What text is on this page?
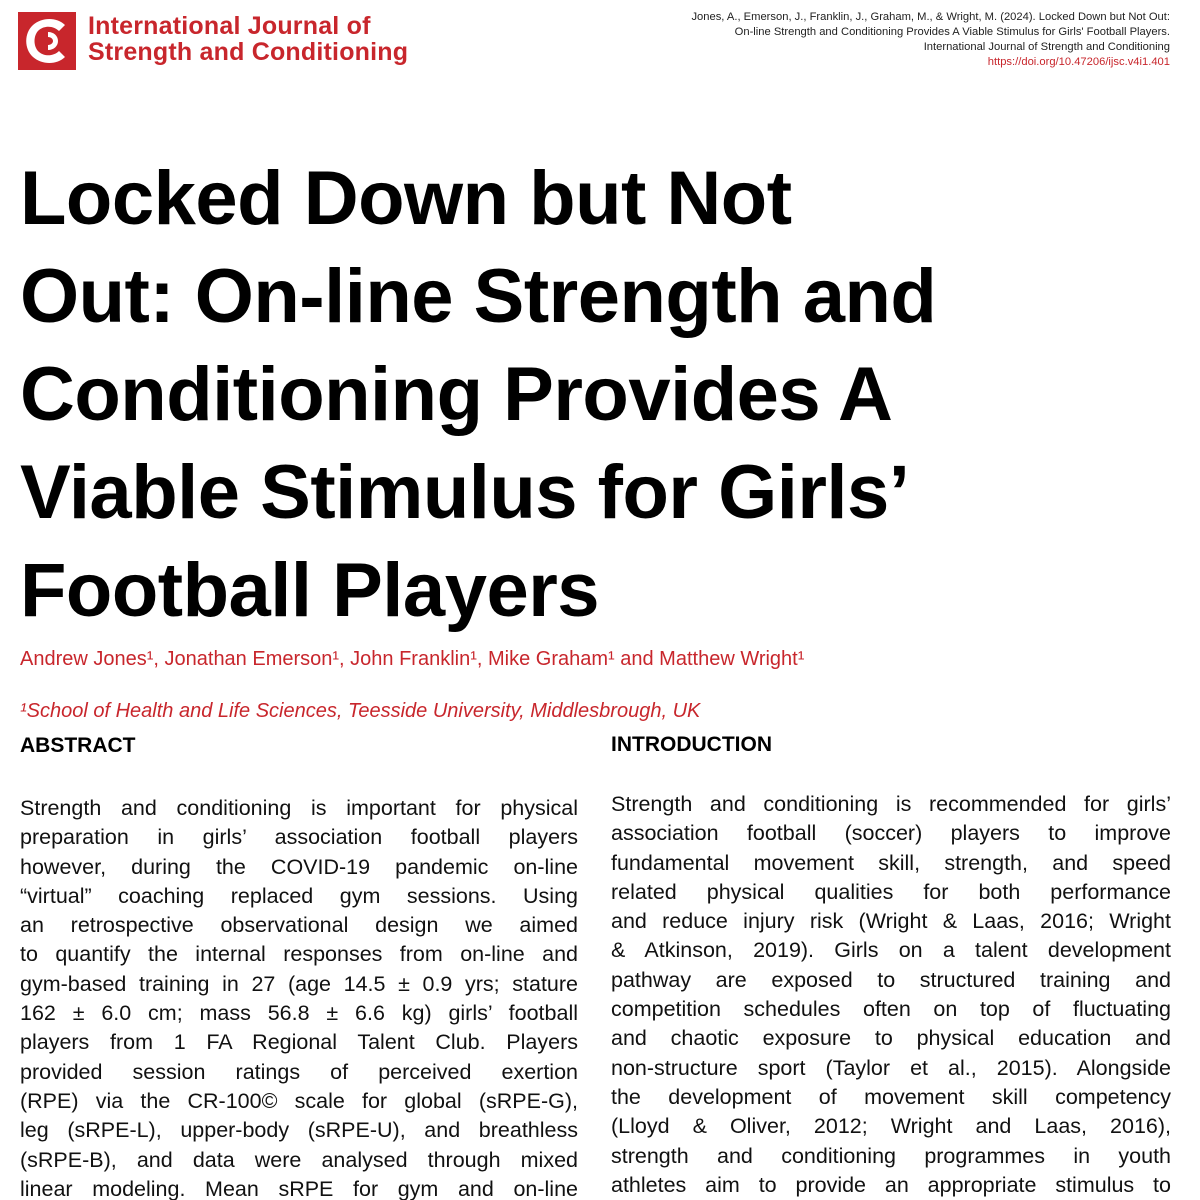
International Journal of
Strength and Conditioning
Jones, A., Emerson, J., Franklin, J., Graham, M., & Wright, M. (2024). Locked Down but Not Out:
On-line Strength and Conditioning Provides A Viable Stimulus for Girls' Football Players.
International Journal of Strength and Conditioning
https://doi.org/10.47206/ijsc.v4i1.401
Locked Down but Not
Out: On-line Strength and
Conditioning Provides A
Viable Stimulus for Girls’
Football Players
Andrew Jones¹, Jonathan Emerson¹, John Franklin¹, Mike Graham¹ and Matthew Wright¹
¹School of Health and Life Sciences, Teesside University, Middlesbrough, UK
ABSTRACT	INTRODUCTION

Strength and conditioning is important for physical
preparation in girls’ association football players
however, during the COVID-19 pandemic on-line
“virtual” coaching replaced gym sessions. Using
an retrospective observational design we aimed
to quantify the internal responses from on-line and
gym-based training in 27 (age 14.5 ± 0.9 yrs; stature
162 ± 6.0 cm; mass 56.8 ± 6.6 kg) girls’ football
players from 1 FA Regional Talent Club. Players
provided session ratings of perceived exertion
(RPE) via the CR-100© scale for global (sRPE-G),
leg (sRPE-L), upper-body (sRPE-U), and breathless
(sRPE-B), and data were analysed through mixed
linear modeling. Mean sRPE for gym and on-line

Strength and conditioning is recommended for girls’
association football (soccer) players to improve
fundamental movement skill, strength, and speed
related physical qualities for both performance
and reduce injury risk (Wright & Laas, 2016; Wright
& Atkinson, 2019). Girls on a talent development
pathway are exposed to structured training and
competition schedules often on top of fluctuating
and chaotic exposure to physical education and
non-structure sport (Taylor et al., 2015). Alongside
the development of movement skill competency
(Lloyd & Oliver, 2012; Wright and Laas, 2016),
strength and conditioning programmes in youth
athletes aim to provide an appropriate stimulus to
